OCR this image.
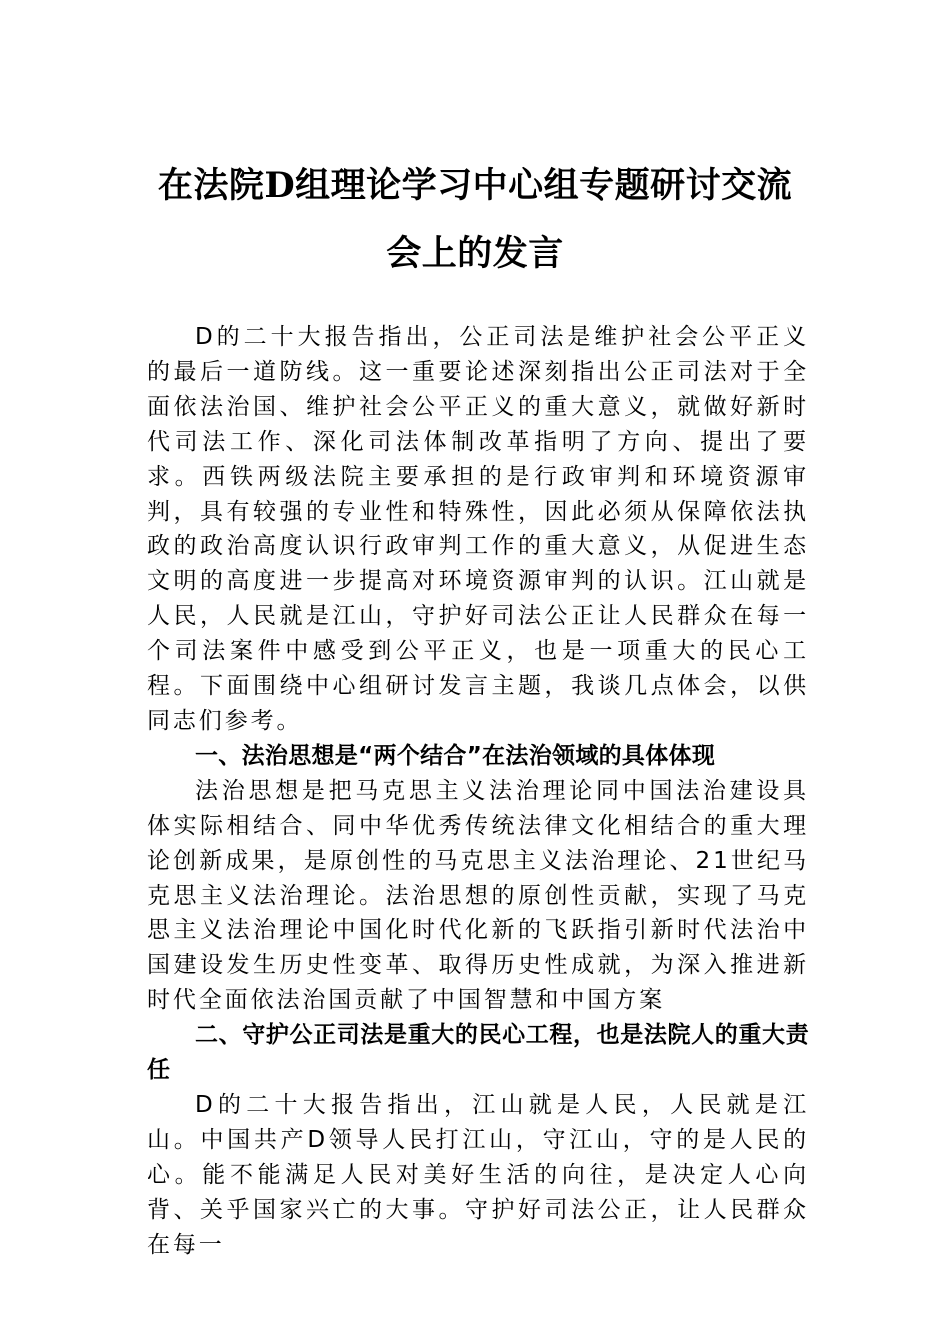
在法院D组理论学习中心组专题研讨交流
会上的发言

D的二十大报告指出，公正司法是维护社会公平正义的最后一道防线。这一重要论述深刻指出公正司法对于全面依法治国、维护社会公平正义的重大意义，就做好新时代司法工作、深化司法体制改革指明了方向、提出了要求。西铁两级法院主要承担的是行政审判和环境资源审判，具有较强的专业性和特殊性，因此必须从保障依法执政的政治高度认识行政审判工作的重大意义，从促进生态文明的高度进一步提高对环境资源审判的认识。江山就是人民，人民就是江山，守护好司法公正让人民群众在每一个司法案件中感受到公平正义，也是一项重大的民心工程。下面围绕中心组研讨发言主题，我谈几点体会，以供同志们参考。

一、法治思想是“两个结合”在法治领域的具体体现

法治思想是把马克思主义法治理论同中国法治建设具体实际相结合、同中华优秀传统法律文化相结合的重大理论创新成果，是原创性的马克思主义法治理论、21世纪马克思主义法治理论。法治思想的原创性贡献，实现了马克思主义法治理论中国化时代化新的飞跃指引新时代法治中国建设发生历史性变革、取得历史性成就，为深入推进新时代全面依法治国贡献了中国智慧和中国方案

二、守护公正司法是重大的民心工程，也是法院人的重大责任

D的二十大报告指出，江山就是人民，人民就是江山。中国共产D领导人民打江山，守江山，守的是人民的心。能不能满足人民对美好生活的向往，是决定人心向背、关乎国家兴亡的大事。守护好司法公正，让人民群众在每一
